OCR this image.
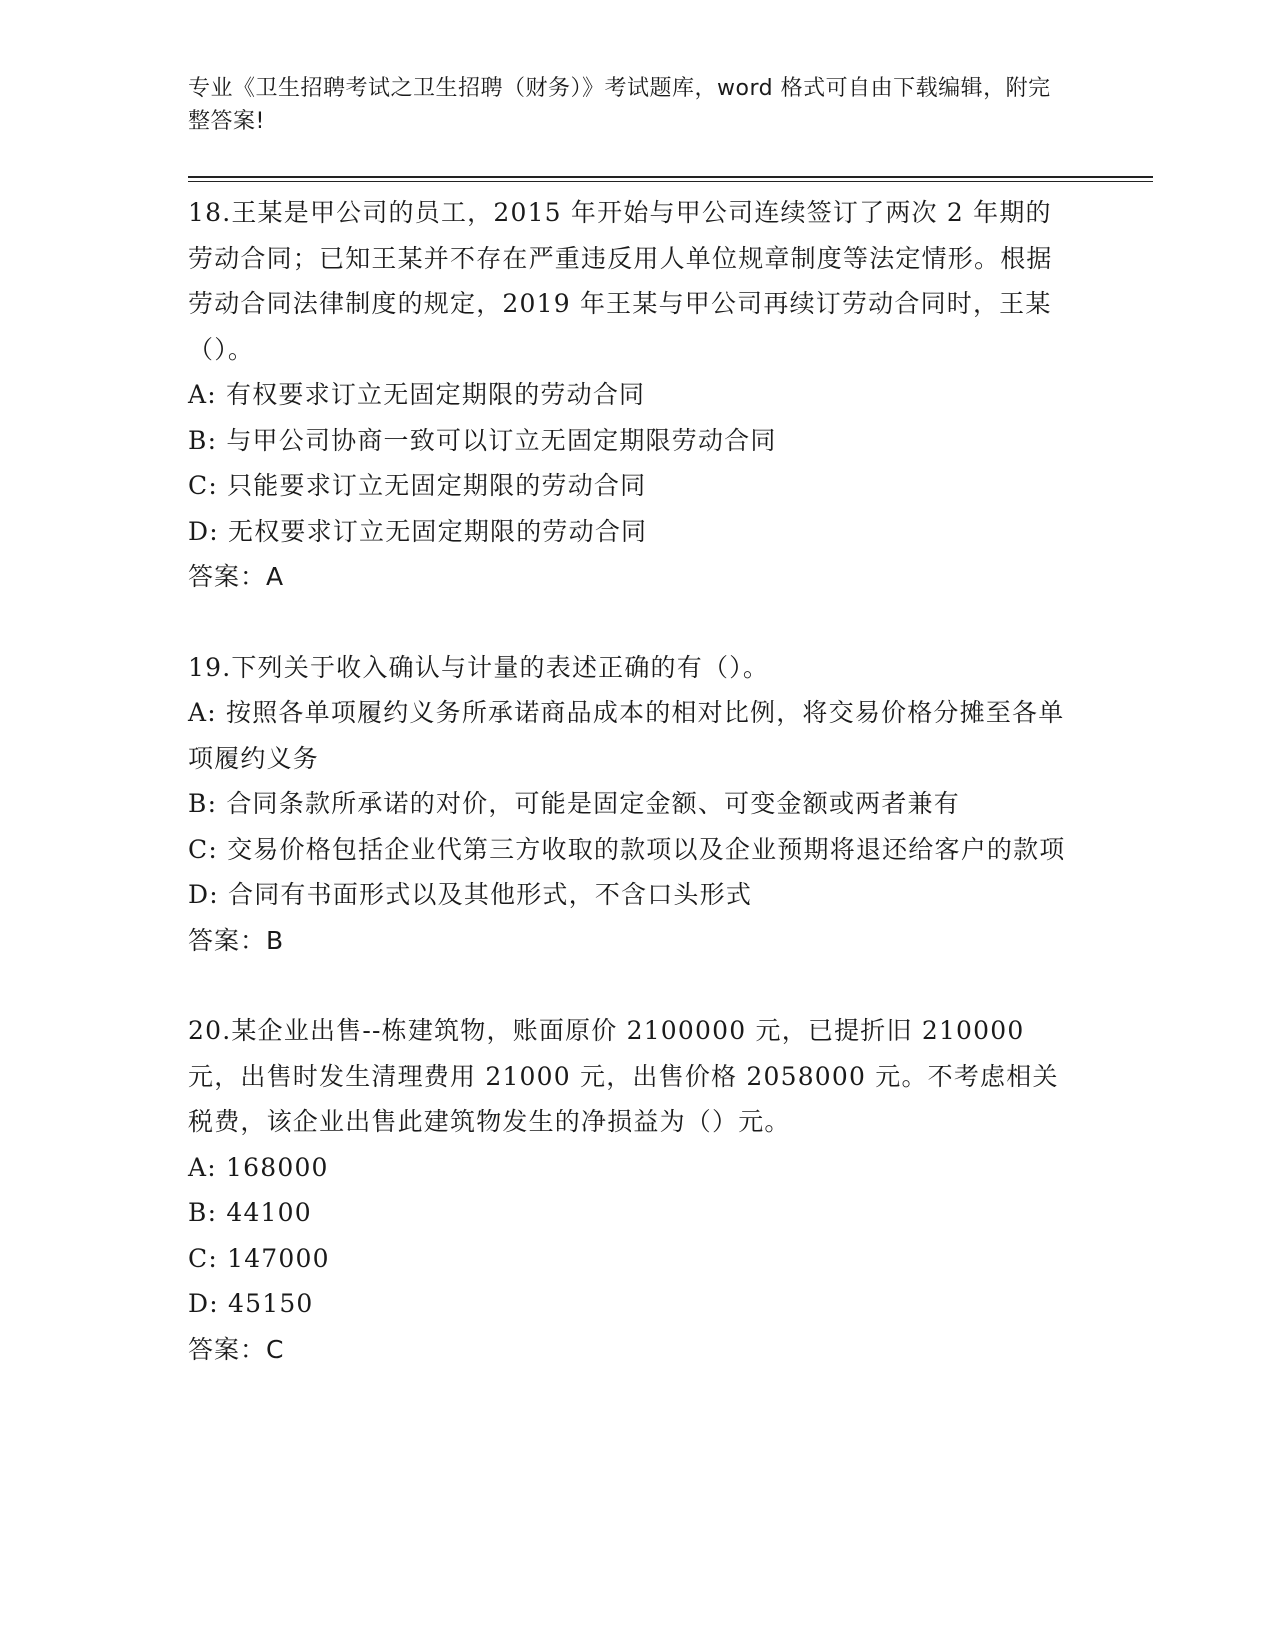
专业《卫生招聘考试之卫生招聘（财务）》考试题库，word 格式可自由下载编辑，附完整答案!

18.王某是甲公司的员工，2015 年开始与甲公司连续签订了两次 2 年期的劳动合同；已知王某并不存在严重违反用人单位规章制度等法定情形。根据劳动合同法律制度的规定，2019 年王某与甲公司再续订劳动合同时，王某（）。

A: 有权要求订立无固定期限的劳动合同

B: 与甲公司协商一致可以订立无固定期限劳动合同

C: 只能要求订立无固定期限的劳动合同

D: 无权要求订立无固定期限的劳动合同

答案：A

19.下列关于收入确认与计量的表述正确的有（）。

A: 按照各单项履约义务所承诺商品成本的相对比例，将交易价格分摊至各单项履约义务

B: 合同条款所承诺的对价，可能是固定金额、可变金额或两者兼有

C: 交易价格包括企业代第三方收取的款项以及企业预期将退还给客户的款项

D: 合同有书面形式以及其他形式，不含口头形式

答案：B

20.某企业出售--栋建筑物，账面原价 2100000 元，已提折旧 210000 元，出售时发生清理费用 21000 元，出售价格 2058000 元。不考虑相关税费，该企业出售此建筑物发生的净损益为（）元。

A: 168000

B: 44100

C: 147000

D: 45150

答案：C
